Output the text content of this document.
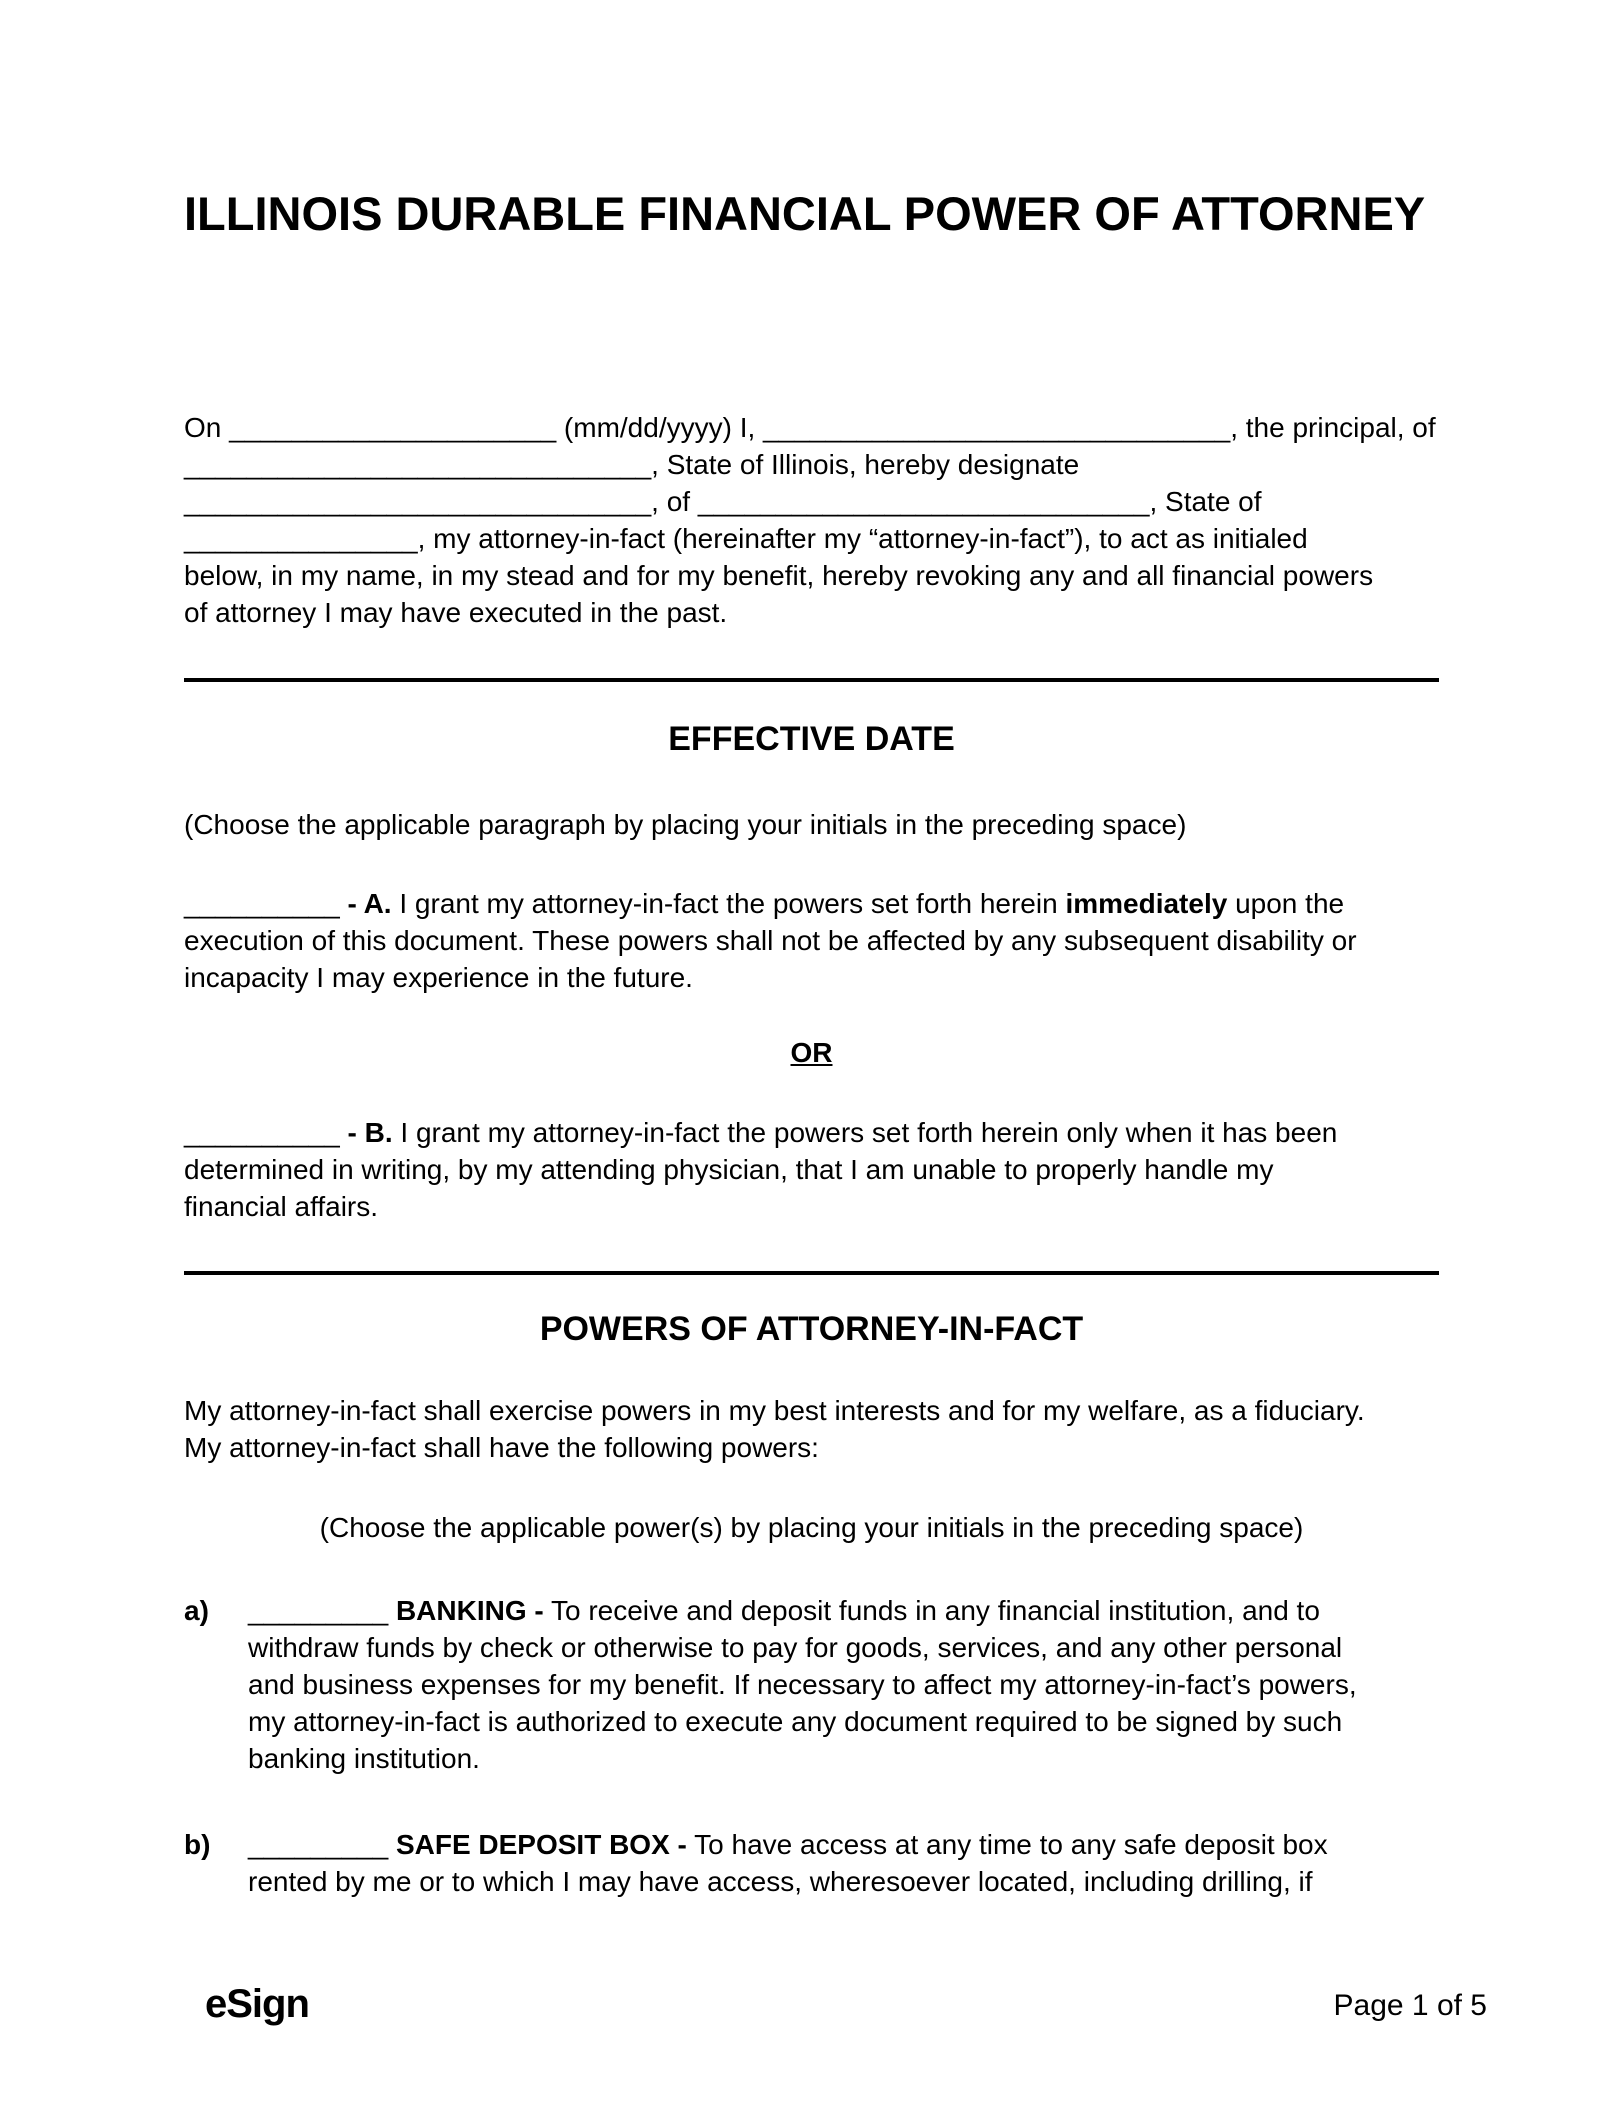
ILLINOIS DURABLE FINANCIAL POWER OF ATTORNEY
On _____________________ (mm/dd/yyyy) I, ______________________________, the principal, of
______________________________, State of Illinois, hereby designate
______________________________, of _____________________________, State of
_______________, my attorney-in-fact (hereinafter my “attorney-in-fact”), to act as initialed
below, in my name, in my stead and for my benefit, hereby revoking any and all financial powers
of attorney I may have executed in the past.
EFFECTIVE DATE
(Choose the applicable paragraph by placing your initials in the preceding space)
__________ - A. I grant my attorney-in-fact the powers set forth herein immediately upon the
execution of this document. These powers shall not be affected by any subsequent disability or
incapacity I may experience in the future.
OR
__________ - B. I grant my attorney-in-fact the powers set forth herein only when it has been
determined in writing, by my attending physician, that I am unable to properly handle my
financial affairs.
POWERS OF ATTORNEY-IN-FACT
My attorney-in-fact shall exercise powers in my best interests and for my welfare, as a fiduciary.
My attorney-in-fact shall have the following powers:
(Choose the applicable power(s) by placing your initials in the preceding space)
a)	_________ BANKING - To receive and deposit funds in any financial institution, and to
withdraw funds by check or otherwise to pay for goods, services, and any other personal
and business expenses for my benefit. If necessary to affect my attorney-in-fact’s powers,
my attorney-in-fact is authorized to execute any document required to be signed by such
banking institution.
b)	_________ SAFE DEPOSIT BOX - To have access at any time to any safe deposit box
rented by me or to which I may have access, wheresoever located, including drilling, if
eSign	Page 1 of 5
